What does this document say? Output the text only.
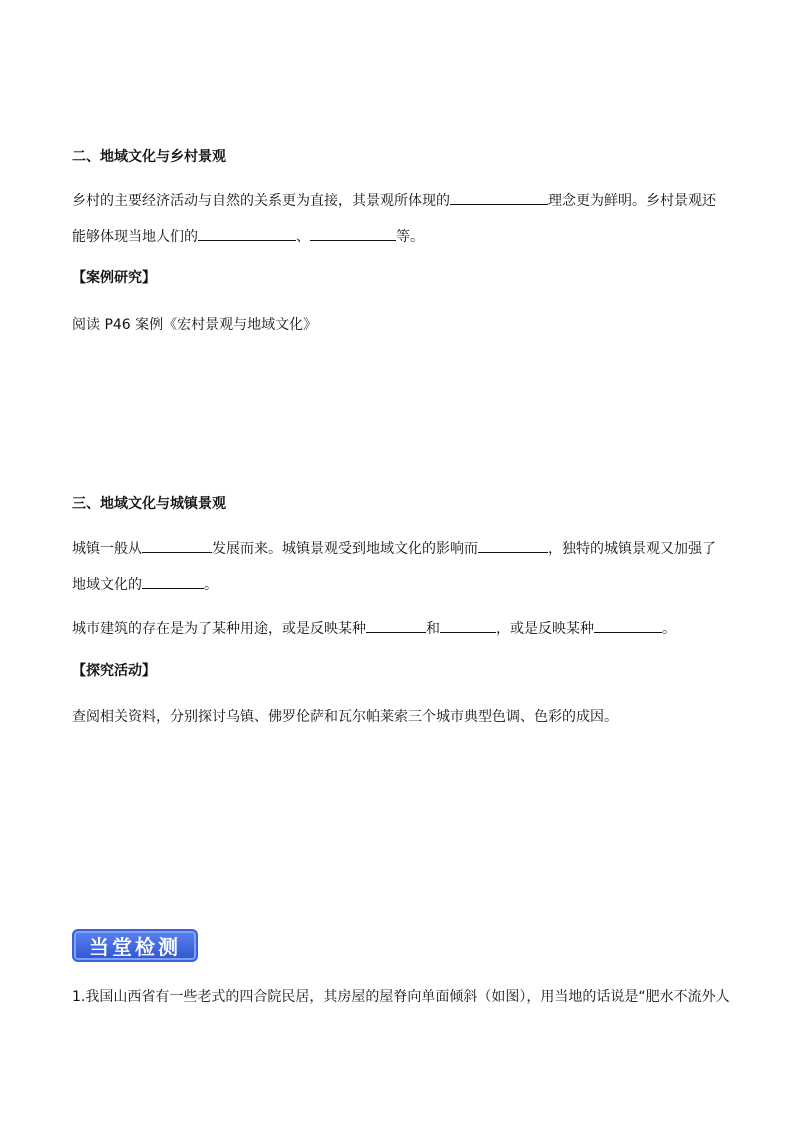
二、地域文化与乡村景观
乡村的主要经济活动与自然的关系更为直接，其景观所体现的	理念更为鲜明。乡村景观还能够体现当地人们的	、	等。
【案例研究】
阅读 P46 案例《宏村景观与地域文化》
三、地域文化与城镇景观
城镇一般从	发展而来。城镇景观受到地域文化的影响而	，独特的城镇景观又加强了地域文化的	。
城市建筑的存在是为了某种用途，或是反映某种	和	，或是反映某种	。
【探究活动】
查阅相关资料，分别探讨乌镇、佛罗伦萨和瓦尔帕莱索三个城市典型色调、色彩的成因。
当堂检测
1.我国山西省有一些老式的四合院民居，其房屋的屋脊向单面倾斜（如图），用当地的话说是“肥水不流外人
